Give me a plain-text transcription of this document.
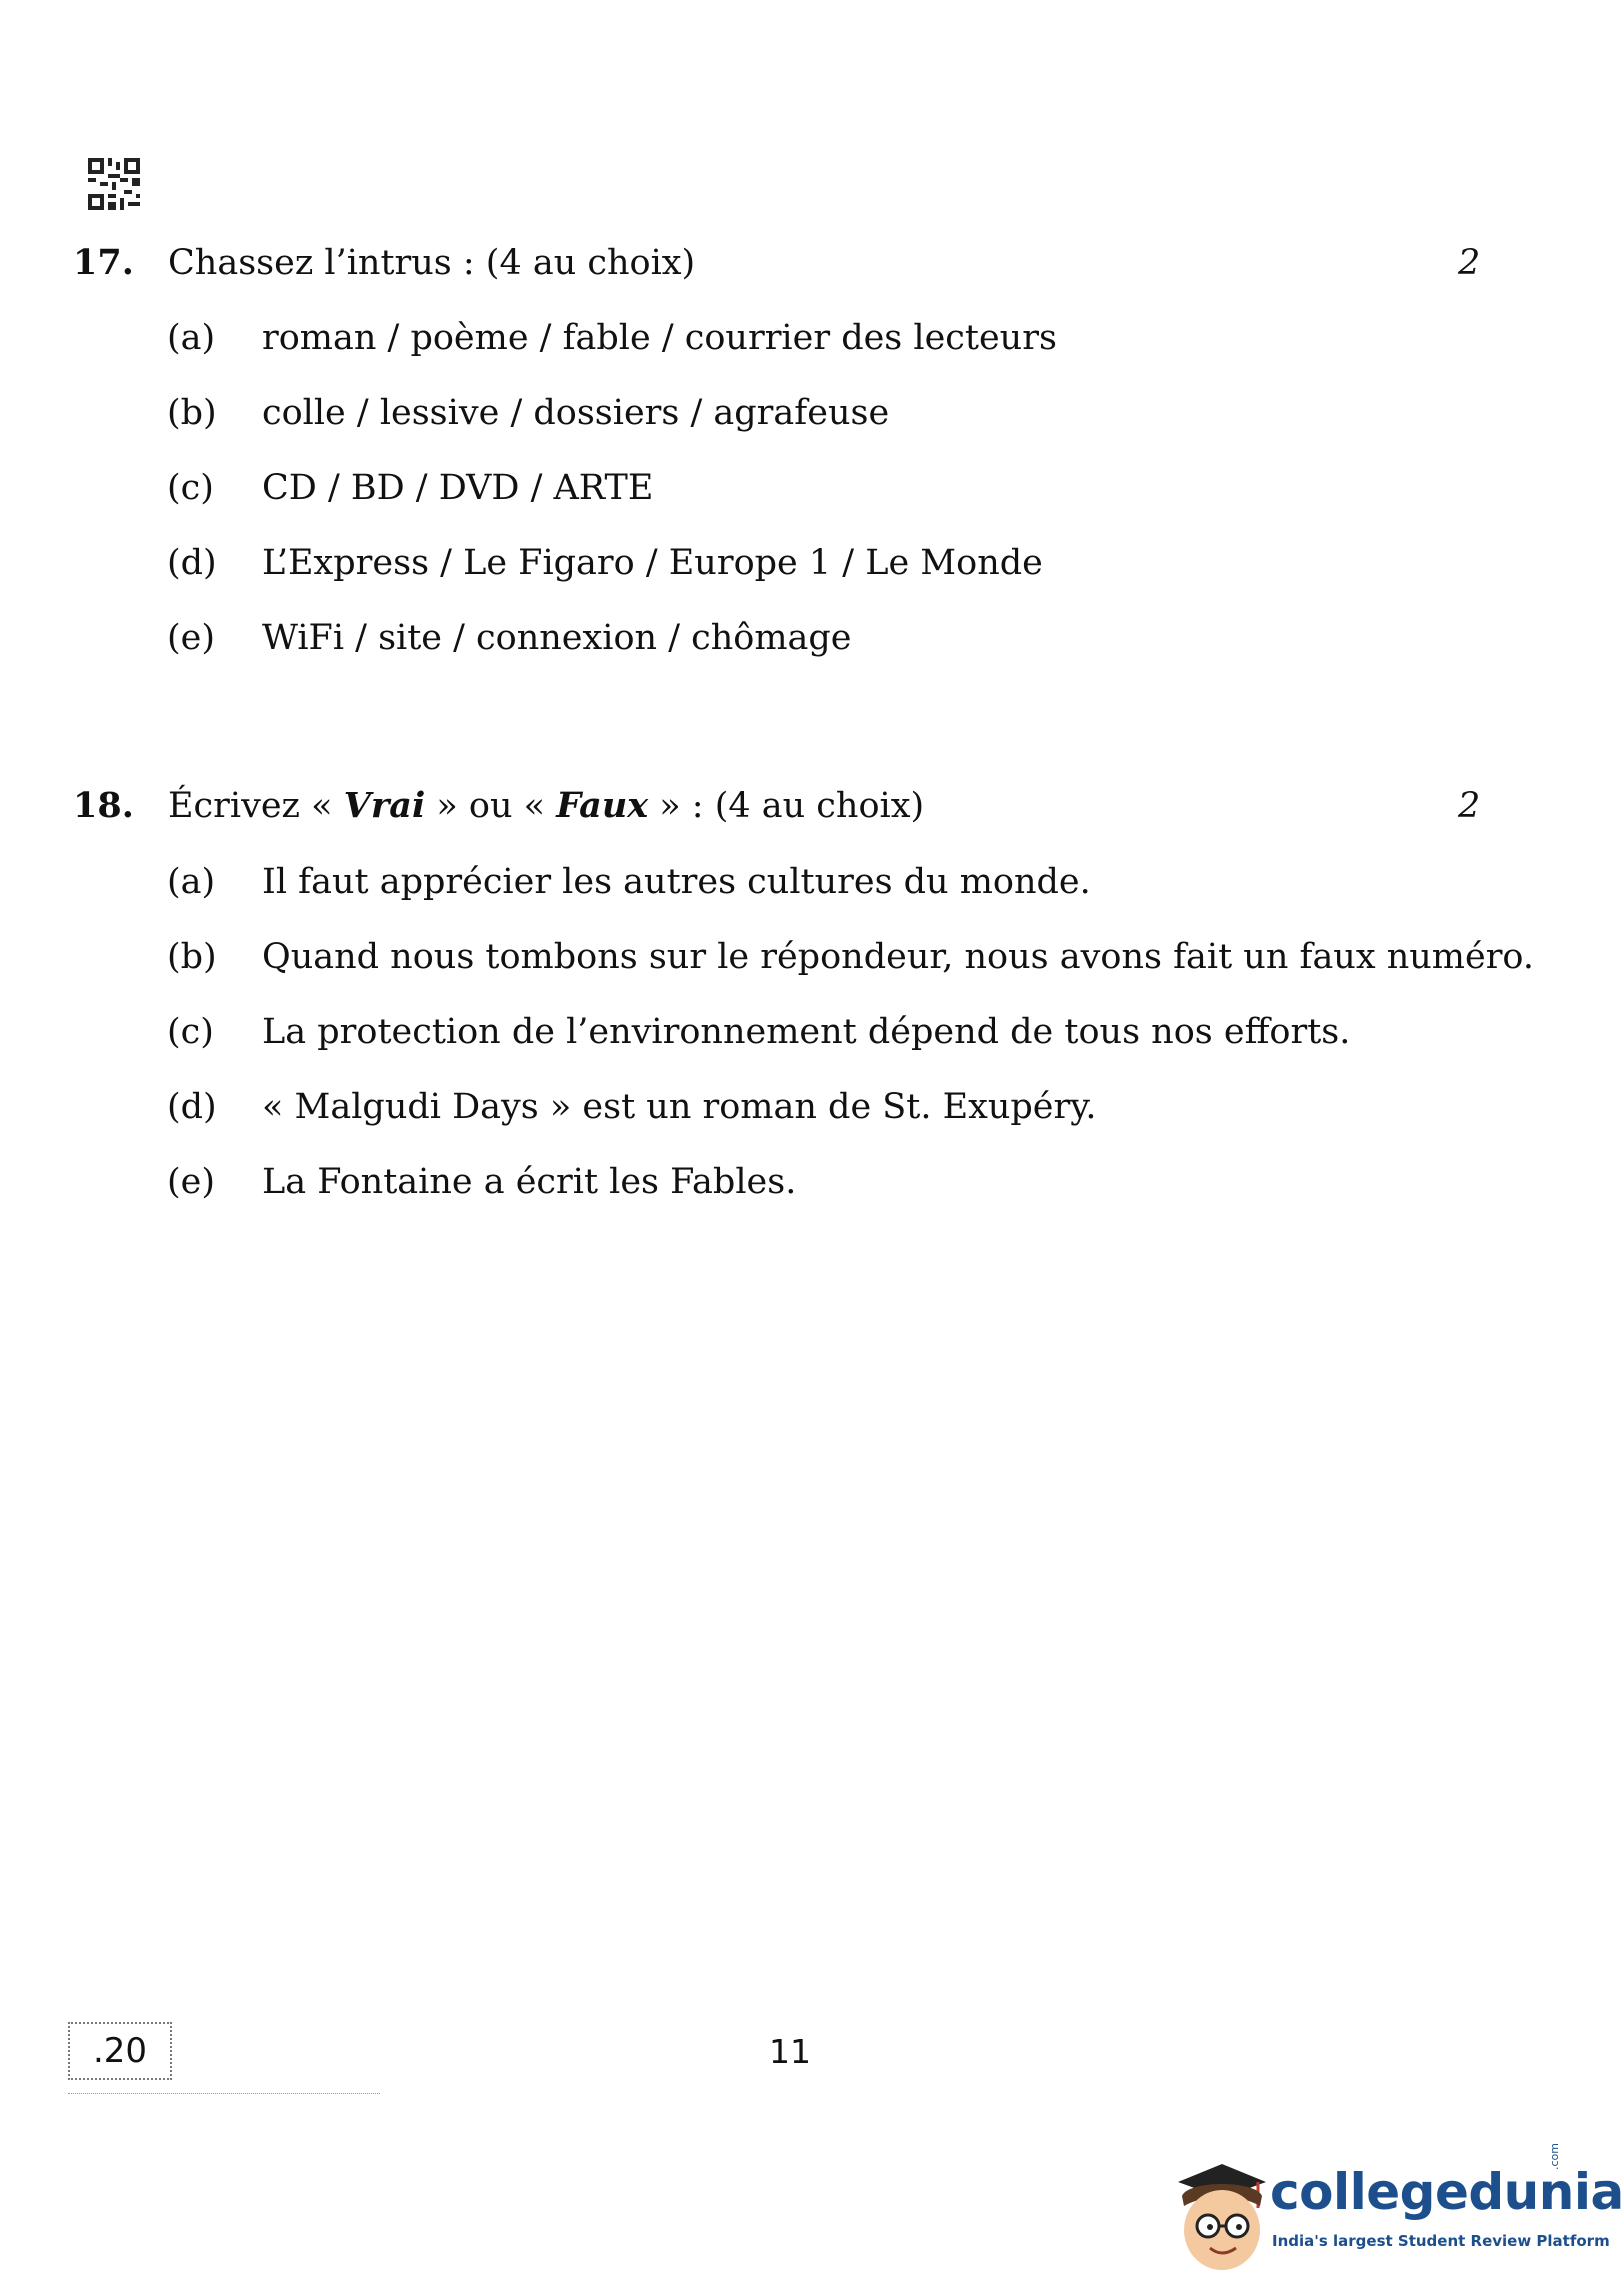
17. Chassez l’intrus : (4 au choix)	2
(a) roman / poème / fable / courrier des lecteurs
(b) colle / lessive / dossiers / agrafeuse
(c) CD / BD / DVD / ARTE
(d) L’Express / Le Figaro / Europe 1 / Le Monde
(e) WiFi / site / connexion / chômage
18. Écrivez « Vrai » ou « Faux » : (4 au choix)	2
(a) Il faut apprécier les autres cultures du monde.
(b) Quand nous tombons sur le répondeur, nous avons fait un faux numéro.
(c) La protection de l’environnement dépend de tous nos efforts.
(d) « Malgudi Days » est un roman de St. Exupéry.
(e) La Fontaine a écrit les Fables.
.20	11
collegedunia
.com
India's largest Student Review Platform
